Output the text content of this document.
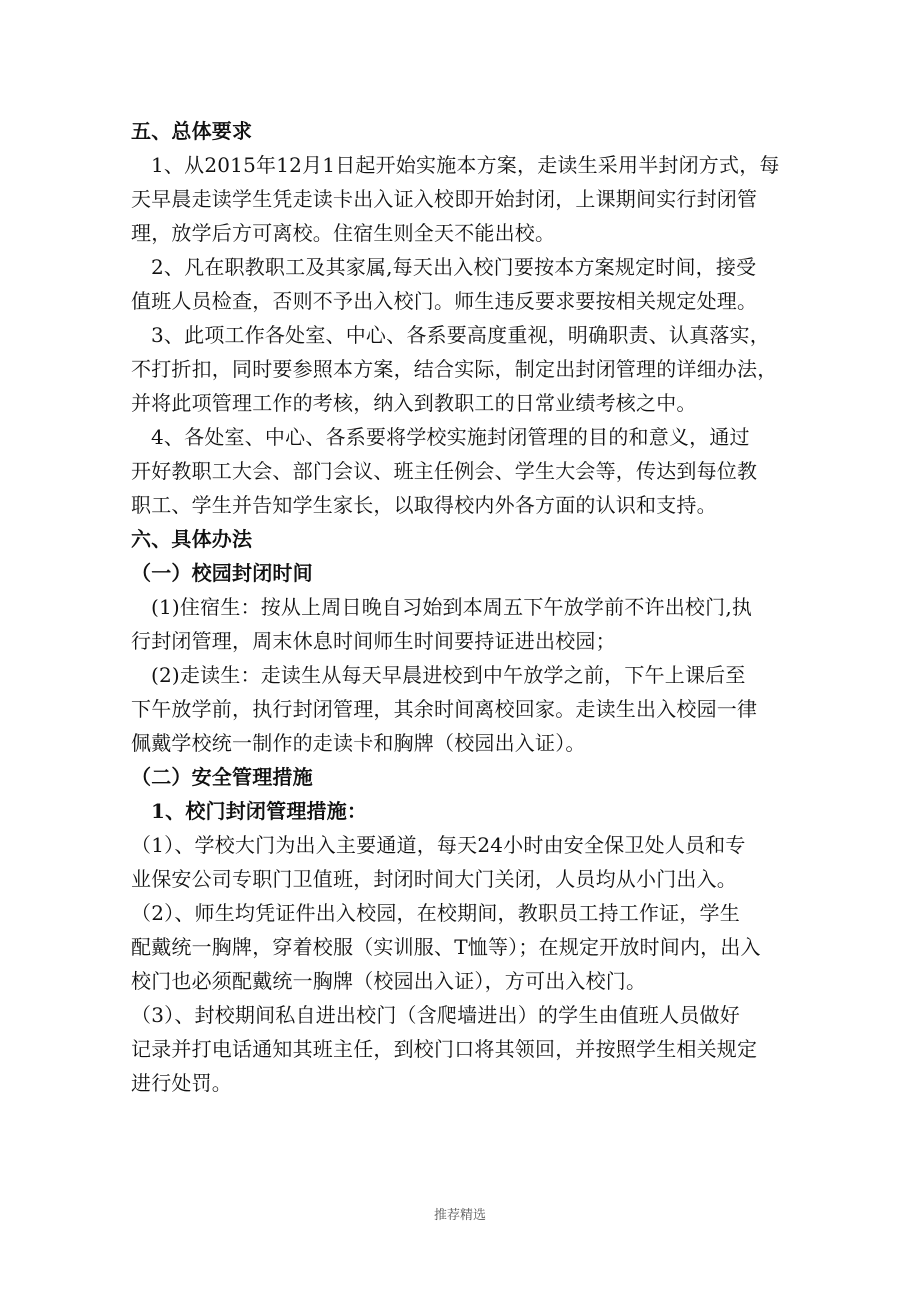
五、总体要求
1、从2015年12月1日起开始实施本方案，走读生采用半封闭方式，每
天早晨走读学生凭走读卡出入证入校即开始封闭，上课期间实行封闭管
理，放学后方可离校。住宿生则全天不能出校。
2、凡在职教职工及其家属,每天出入校门要按本方案规定时间，接受
值班人员检查，否则不予出入校门。师生违反要求要按相关规定处理。
3、此项工作各处室、中心、各系要高度重视，明确职责、认真落实，
不打折扣，同时要参照本方案，结合实际，制定出封闭管理的详细办法，
并将此项管理工作的考核，纳入到教职工的日常业绩考核之中。
4、各处室、中心、各系要将学校实施封闭管理的目的和意义，通过
开好教职工大会、部门会议、班主任例会、学生大会等，传达到每位教
职工、学生并告知学生家长，以取得校内外各方面的认识和支持。
六、具体办法
（一）校园封闭时间
(1)住宿生：按从上周日晚自习始到本周五下午放学前不许出校门,执
行封闭管理，周末休息时间师生时间要持证进出校园；
(2)走读生：走读生从每天早晨进校到中午放学之前，下午上课后至
下午放学前，执行封闭管理，其余时间离校回家。走读生出入校园一律
佩戴学校统一制作的走读卡和胸牌（校园出入证）。
（二）安全管理措施
1、校门封闭管理措施：
（1）、学校大门为出入主要通道，每天24小时由安全保卫处人员和专
业保安公司专职门卫值班，封闭时间大门关闭，人员均从小门出入。
（2）、师生均凭证件出入校园，在校期间，教职员工持工作证，学生
配戴统一胸牌，穿着校服（实训服、T恤等）；在规定开放时间内，出入
校门也必须配戴统一胸牌（校园出入证），方可出入校门。
（3）、封校期间私自进出校门（含爬墙进出）的学生由值班人员做好
记录并打电话通知其班主任，到校门口将其领回，并按照学生相关规定
进行处罚。
推荐精选
